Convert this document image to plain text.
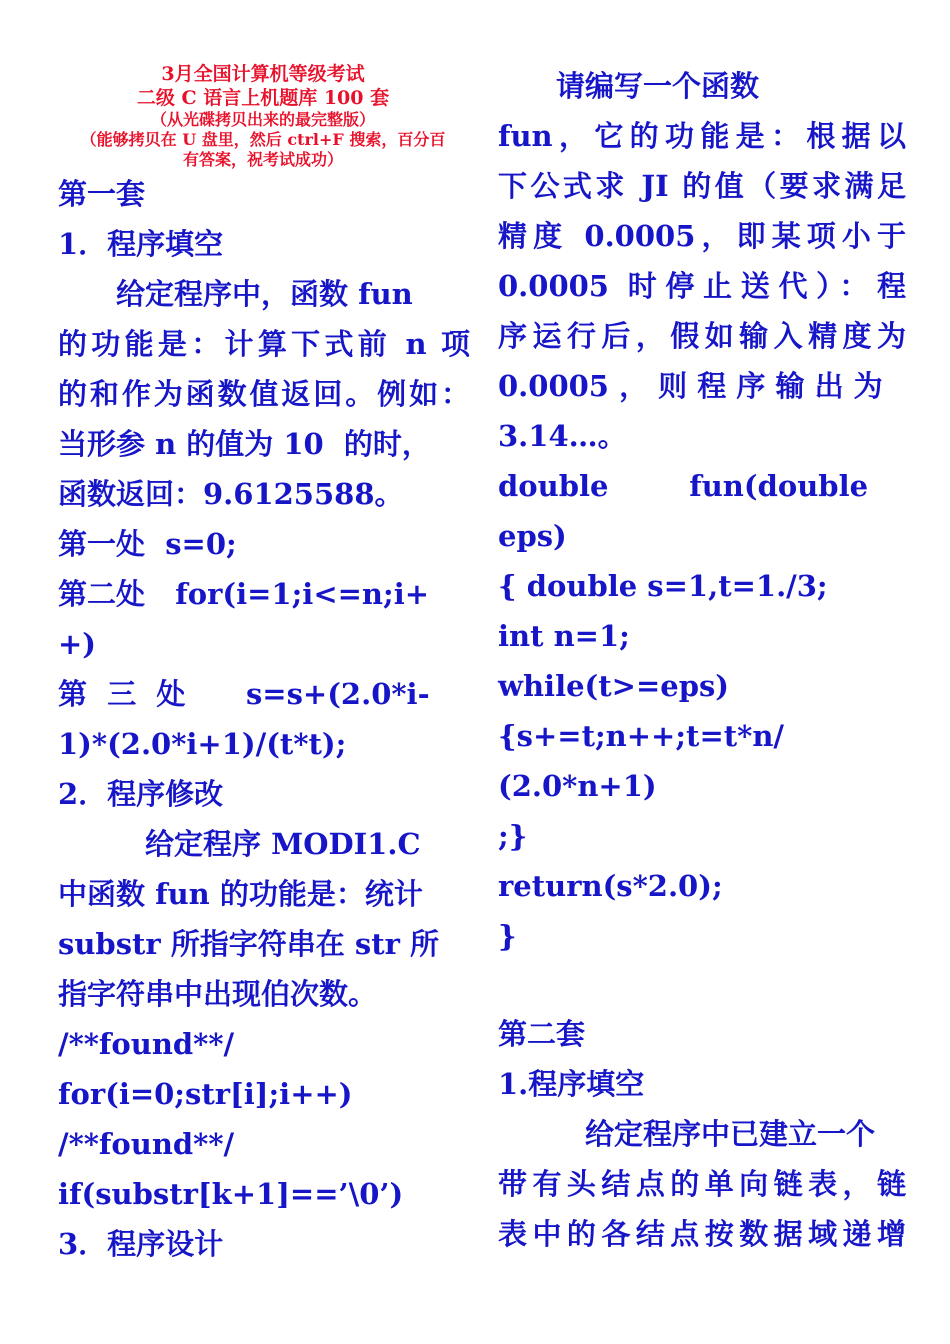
3月全国计算机等级考试
二级 C 语言上机题库 100 套
（从光碟拷贝出来的最完整版）
（能够拷贝在 U 盘里，然后 ctrl+F 搜索，百分百
有答案，祝考试成功）
第一套
1．程序填空
　　给定程序中，函数 fun
的功能是：计算下式前 n 项
的和作为函数值返回。例如：
当形参 n 的值为 10  的时，
函数返回：9.6125588。
第一处  s=0;
第二处   for(i=1;i<=n;i+
+)
第  三  处      s=s+(2.0*i-
1)*(2.0*i+1)/(t*t);
2．程序修改
　　　给定程序 MODI1.C
中函数 fun 的功能是：统计
substr 所指字符串在 str 所
指字符串中出现伯次数。
/**found**/
for(i=0;str[i];i++)
/**found**/
if(substr[k+1]==’\0’)
3．程序设计
　　请编写一个函数
fun，它的功能是：根据以
下公式求 JI 的值（要求满足
精度 0.0005，即某项小于
0.0005 时停止送代）：程
序运行后，假如输入精度为
0.0005 ， 则 程 序 输 出 为
3.14…。
double        fun(double
eps)
{ double s=1,t=1./3;
int n=1;
while(t>=eps)
{s+=t;n++;t=t*n/
(2.0*n+1)
;}
return(s*2.0);
}
第二套
1.程序填空
　　　给定程序中已建立一个
带有头结点的单向链表，链
表中的各结点按数据域递增
